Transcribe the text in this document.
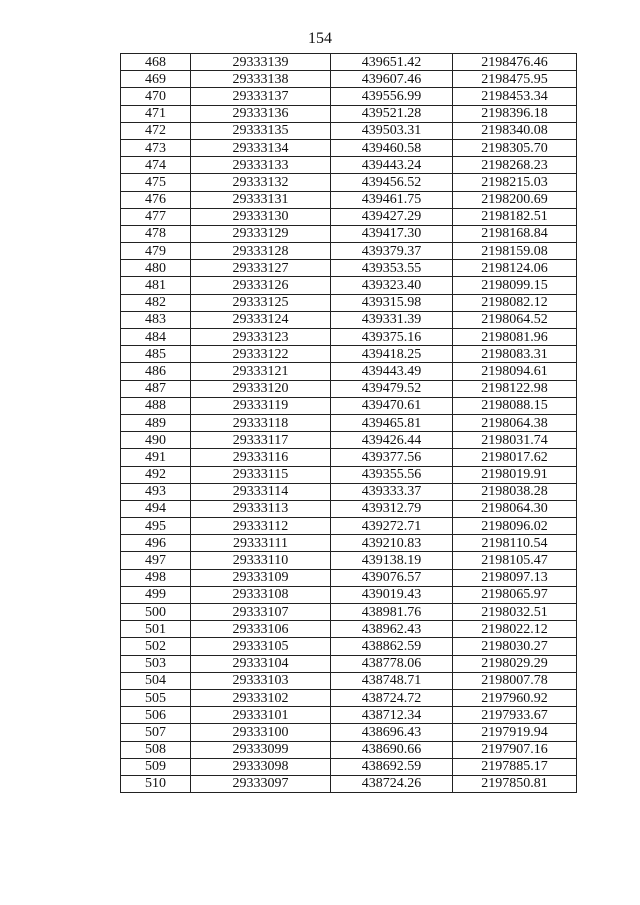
154
468	29333139	439651.42	2198476.46
469	29333138	439607.46	2198475.95
470	29333137	439556.99	2198453.34
471	29333136	439521.28	2198396.18
472	29333135	439503.31	2198340.08
473	29333134	439460.58	2198305.70
474	29333133	439443.24	2198268.23
475	29333132	439456.52	2198215.03
476	29333131	439461.75	2198200.69
477	29333130	439427.29	2198182.51
478	29333129	439417.30	2198168.84
479	29333128	439379.37	2198159.08
480	29333127	439353.55	2198124.06
481	29333126	439323.40	2198099.15
482	29333125	439315.98	2198082.12
483	29333124	439331.39	2198064.52
484	29333123	439375.16	2198081.96
485	29333122	439418.25	2198083.31
486	29333121	439443.49	2198094.61
487	29333120	439479.52	2198122.98
488	29333119	439470.61	2198088.15
489	29333118	439465.81	2198064.38
490	29333117	439426.44	2198031.74
491	29333116	439377.56	2198017.62
492	29333115	439355.56	2198019.91
493	29333114	439333.37	2198038.28
494	29333113	439312.79	2198064.30
495	29333112	439272.71	2198096.02
496	29333111	439210.83	2198110.54
497	29333110	439138.19	2198105.47
498	29333109	439076.57	2198097.13
499	29333108	439019.43	2198065.97
500	29333107	438981.76	2198032.51
501	29333106	438962.43	2198022.12
502	29333105	438862.59	2198030.27
503	29333104	438778.06	2198029.29
504	29333103	438748.71	2198007.78
505	29333102	438724.72	2197960.92
506	29333101	438712.34	2197933.67
507	29333100	438696.43	2197919.94
508	29333099	438690.66	2197907.16
509	29333098	438692.59	2197885.17
510	29333097	438724.26	2197850.81
